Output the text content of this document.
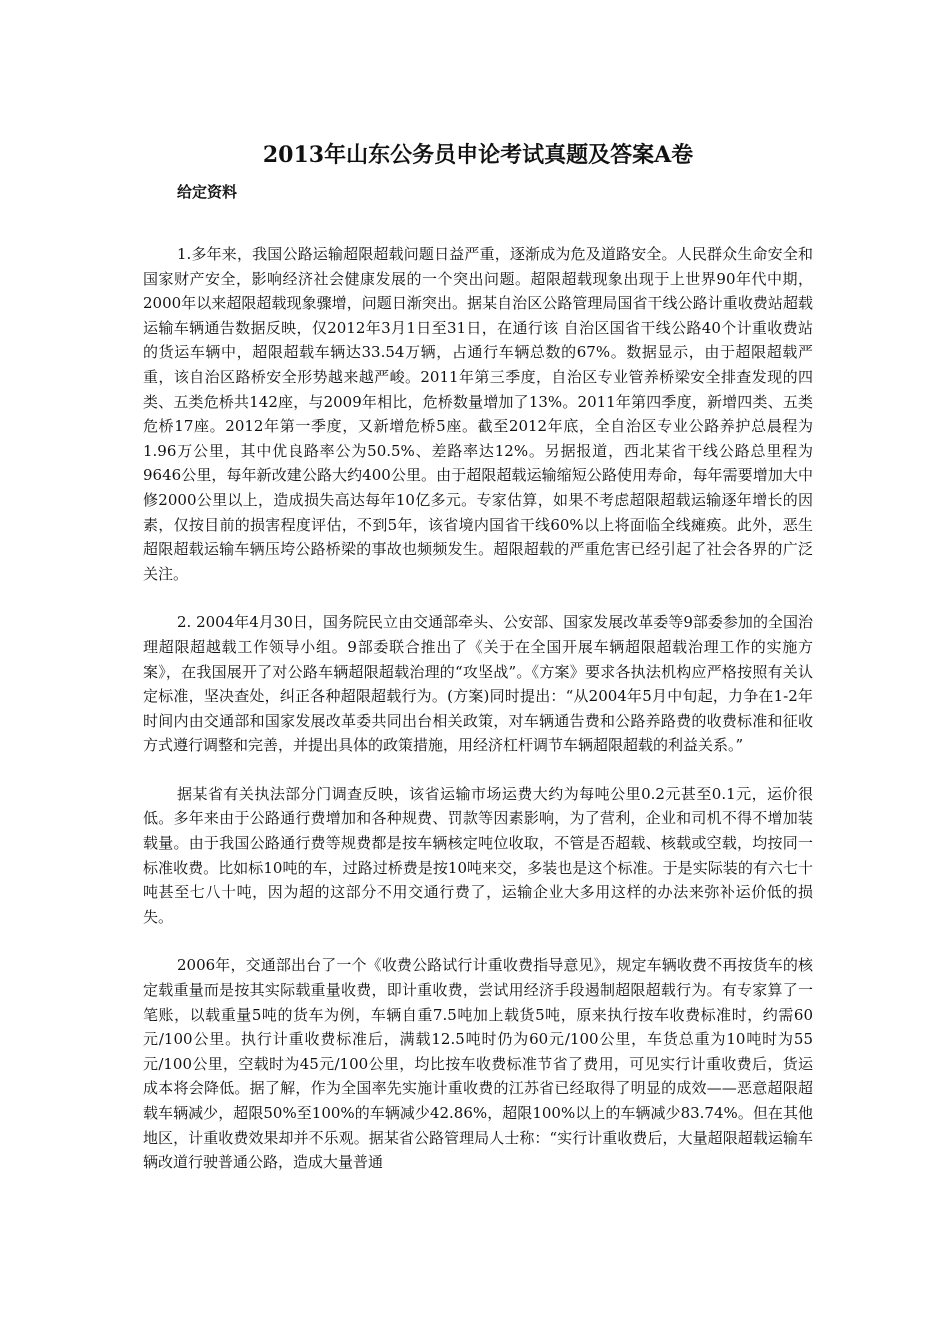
2013年山东公务员申论考试真题及答案A卷
给定资料

1.多年来，我国公路运输超限超载问题日益严重，逐渐成为危及道路安全。人民群众生命安全和国家财产安全，影响经济社会健康发展的一个突出问题。超限超载现象出现于上世界90年代中期，2000年以来超限超载现象骤增，问题日渐突出。据某自治区公路管理局国省干线公路计重收费站超载运输车辆通告数据反映，仅2012年3月1日至31日，在通行该 自治区国省干线公路40个计重收费站的货运车辆中，超限超载车辆达33.54万辆，占通行车辆总数的67%。数据显示，由于超限超载严重，该自治区路桥安全形势越来越严峻。2011年第三季度，自治区专业管养桥梁安全排查发现的四类、五类危桥共142座，与2009年相比，危桥数量增加了13%。2011年第四季度，新增四类、五类危桥17座。2012年第一季度，又新增危桥5座。截至2012年底，全自治区专业公路养护总晨程为1.96万公里，其中优良路率公为50.5%、差路率达12%。另据报道，西北某省干线公路总里程为9646公里，每年新改建公路大约400公里。由于超限超载运输缩短公路使用寿命，每年需要增加大中修2000公里以上，造成损失高达每年10亿多元。专家估算，如果不考虑超限超载运输逐年增长的因素，仅按目前的损害程度评估，不到5年，该省境内国省干线60%以上将面临全线瘫痪。此外，恶生超限超载运输车辆压垮公路桥梁的事故也频频发生。超限超载的严重危害已经引起了社会各界的广泛关注。

2. 2004年4月30日，国务院民立由交通部牵头、公安部、国家发展改革委等9部委参加的全国治理超限超越载工作领导小组。9部委联合推出了《关于在全国开展车辆超限超载治理工作的实施方案》，在我国展开了对公路车辆超限超载治理的“攻坚战”。《方案》要求各执法机构应严格按照有关认定标准，坚决查处，纠正各种超限超载行为。(方案)同时提出：“从2004年5月中旬起，力争在1-2年时间内由交通部和国家发展改革委共同出台相关政策，对车辆通告费和公路养路费的收费标准和征收方式遵行调整和完善，并提出具体的政策措施，用经济杠杆调节车辆超限超载的利益关系。”

据某省有关执法部分门调查反映，该省运输市场运费大约为每吨公里0.2元甚至0.1元，运价很低。多年来由于公路通行费增加和各种规费、罚款等因素影响，为了营利，企业和司机不得不增加装载量。由于我国公路通行费等规费都是按车辆核定吨位收取，不管是否超载、核载或空载，均按同一标准收费。比如标10吨的车，过路过桥费是按10吨来交，多装也是这个标准。于是实际装的有六七十吨甚至七八十吨，因为超的这部分不用交通行费了，运输企业大多用这样的办法来弥补运价低的损失。

2006年，交通部出台了一个《收费公路试行计重收费指导意见》，规定车辆收费不再按货车的核定载重量而是按其实际载重量收费，即计重收费，尝试用经济手段遏制超限超载行为。有专家算了一笔账，以载重量5吨的货车为例，车辆自重7.5吨加上载货5吨，原来执行按车收费标准时，约需60元/100公里。执行计重收费标准后，满载12.5吨时仍为60元/100公里，车货总重为10吨时为55元/100公里，空载时为45元/100公里，均比按车收费标准节省了费用，可见实行计重收费后，货运成本将会降低。据了解，作为全国率先实施计重收费的江苏省已经取得了明显的成效——恶意超限超载车辆减少，超限50%至100%的车辆减少42.86%，超限100%以上的车辆减少83.74%。但在其他地区，计重收费效果却并不乐观。据某省公路管理局人士称：“实行计重收费后，大量超限超载运输车辆改道行驶普通公路，造成大量普通
